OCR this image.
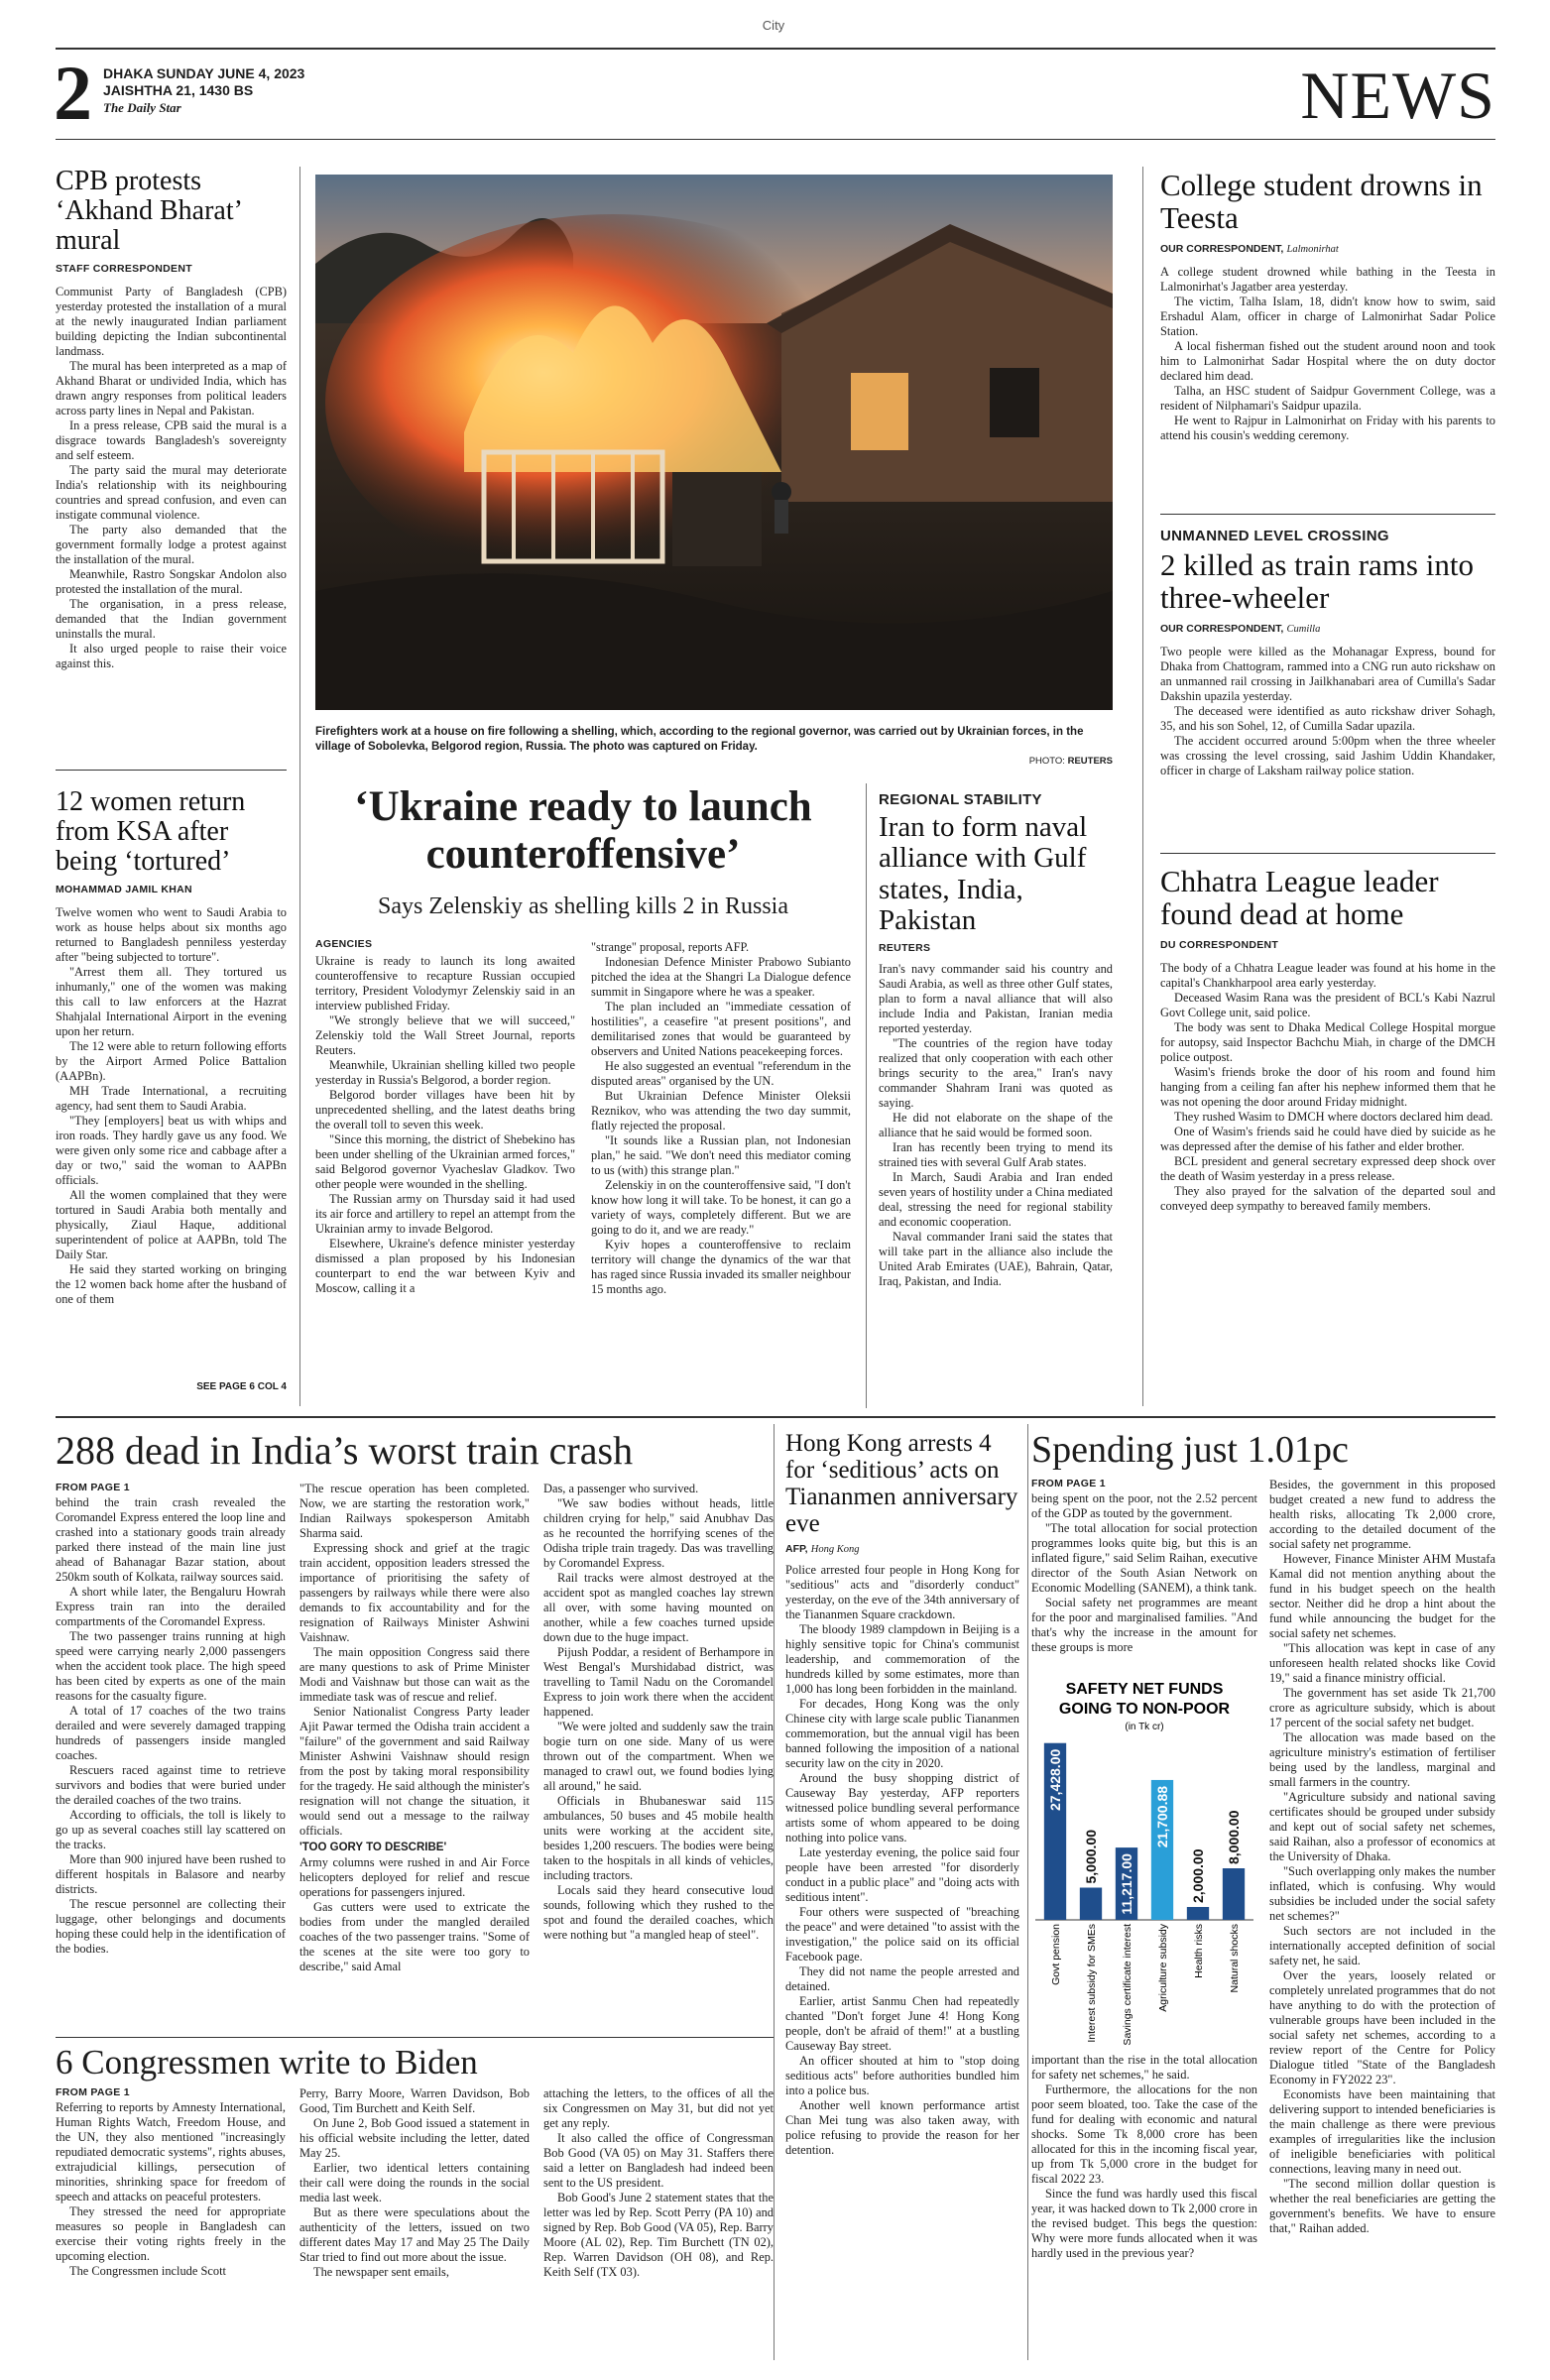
City
2 DHAKA SUNDAY JUNE 4, 2023
JAISHTHA 21, 1430 BS
The Daily Star	NEWS
CPB protests ‘Akhand Bharat’ mural
STAFF CORRESPONDENT

Communist Party of Bangladesh (CPB) yesterday protested the installation of a mural at the newly inaugurated Indian parliament building depicting the Indian subcontinental landmass.

The mural has been interpreted as a map of Akhand Bharat or undivided India, which has drawn angry responses from political leaders across party lines in Nepal and Pakistan.

In a press release, CPB said the mural is a disgrace towards Bangladesh's sovereignty and self esteem.

The party said the mural may deteriorate India's relationship with its neighbouring countries and spread confusion, and even can instigate communal violence.

The party also demanded that the government formally lodge a protest against the installation of the mural.

Meanwhile, Rastro Songskar Andolon also protested the installation of the mural.

The organisation, in a press release, demanded that the Indian government uninstalls the mural.

It also urged people to raise their voice against this.

12 women return from KSA after being ‘tortured’
MOHAMMAD JAMIL KHAN

Twelve women who went to Saudi Arabia to work as house helps about six months ago returned to Bangladesh penniless yesterday after "being subjected to torture".

"Arrest them all. They tortured us inhumanly," one of the women was making this call to law enforcers at the Hazrat Shahjalal International Airport in the evening upon her return.

The 12 were able to return following efforts by the Airport Armed Police Battalion (AAPBn).

MH Trade International, a recruiting agency, had sent them to Saudi Arabia.

"They [employers] beat us with whips and iron roads. They hardly gave us any food. We were given only some rice and cabbage after a day or two," said the woman to AAPBn officials.

All the women complained that they were tortured in Saudi Arabia both mentally and physically, Ziaul Haque, additional superintendent of police at AAPBn, told The Daily Star.

He said they started working on bringing the 12 women back home after the husband of one of them

SEE PAGE 6 COL 4
Firefighters work at a house on fire following a shelling, which, according to the regional governor, was carried out by Ukrainian forces, in the village of Sobolevka, Belgorod region, Russia. The photo was captured on Friday.
PHOTO: REUTERS
‘Ukraine ready to launch counteroffensive’
Says Zelenskiy as shelling kills 2 in Russia
AGENCIES

Ukraine is ready to launch its long awaited counteroffensive to recapture Russian occupied territory, President Volodymyr Zelenskiy said in an interview published Friday.

"We strongly believe that we will succeed," Zelenskiy told the Wall Street Journal, reports Reuters.

Meanwhile, Ukrainian shelling killed two people yesterday in Russia's Belgorod, a border region.

Belgorod border villages have been hit by unprecedented shelling, and the latest deaths bring the overall toll to seven this week.

"Since this morning, the district of Shebekino has been under shelling of the Ukrainian armed forces," said Belgorod governor Vyacheslav Gladkov. Two other people were wounded in the shelling.

The Russian army on Thursday said it had used its air force and artillery to repel an attempt from the Ukrainian army to invade Belgorod.

Elsewhere, Ukraine's defence minister yesterday dismissed a plan proposed by his Indonesian counterpart to end the war between Kyiv and Moscow, calling it a

"strange" proposal, reports AFP.

Indonesian Defence Minister Prabowo Subianto pitched the idea at the Shangri La Dialogue defence summit in Singapore where he was a speaker.

The plan included an "immediate cessation of hostilities", a ceasefire "at present positions", and demilitarised zones that would be guaranteed by observers and United Nations peacekeeping forces.

He also suggested an eventual "referendum in the disputed areas" organised by the UN.

But Ukrainian Defence Minister Oleksii Reznikov, who was attending the two day summit, flatly rejected the proposal.

"It sounds like a Russian plan, not Indonesian plan," he said. "We don't need this mediator coming to us (with) this strange plan."

Zelenskiy in on the counteroffensive said, "I don't know how long it will take. To be honest, it can go a variety of ways, completely different. But we are going to do it, and we are ready."

Kyiv hopes a counteroffensive to reclaim territory will change the dynamics of the war that has raged since Russia invaded its smaller neighbour 15 months ago.

REGIONAL STABILITY
Iran to form naval alliance with Gulf states, India, Pakistan
REUTERS

Iran's navy commander said his country and Saudi Arabia, as well as three other Gulf states, plan to form a naval alliance that will also include India and Pakistan, Iranian media reported yesterday.

"The countries of the region have today realized that only cooperation with each other brings security to the area," Iran's navy commander Shahram Irani was quoted as saying.

He did not elaborate on the shape of the alliance that he said would be formed soon.

Iran has recently been trying to mend its strained ties with several Gulf Arab states.

In March, Saudi Arabia and Iran ended seven years of hostility under a China mediated deal, stressing the need for regional stability and economic cooperation.

Naval commander Irani said the states that will take part in the alliance also include the United Arab Emirates (UAE), Bahrain, Qatar, Iraq, Pakistan, and India.

College student drowns in Teesta
OUR CORRESPONDENT, Lalmonirhat

A college student drowned while bathing in the Teesta in Lalmonirhat's Jagatber area yesterday.

The victim, Talha Islam, 18, didn't know how to swim, said Ershadul Alam, officer in charge of Lalmonirhat Sadar Police Station.

A local fisherman fished out the student around noon and took him to Lalmonirhat Sadar Hospital where the on duty doctor declared him dead.

Talha, an HSC student of Saidpur Government College, was a resident of Nilphamari's Saidpur upazila.

He went to Rajpur in Lalmonirhat on Friday with his parents to attend his cousin's wedding ceremony.

UNMANNED LEVEL CROSSING
2 killed as train rams into three-wheeler
OUR CORRESPONDENT, Cumilla

Two people were killed as the Mohanagar Express, bound for Dhaka from Chattogram, rammed into a CNG run auto rickshaw on an unmanned rail crossing in Jailkhanabari area of Cumilla's Sadar Dakshin upazila yesterday.

The deceased were identified as auto rickshaw driver Sohagh, 35, and his son Sohel, 12, of Cumilla Sadar upazila.

The accident occurred around 5:00pm when the three wheeler was crossing the level crossing, said Jashim Uddin Khandaker, officer in charge of Laksham railway police station.

Chhatra League leader found dead at home
DU CORRESPONDENT

The body of a Chhatra League leader was found at his home in the capital's Chankharpool area early yesterday.

Deceased Wasim Rana was the president of BCL's Kabi Nazrul Govt College unit, said police.

The body was sent to Dhaka Medical College Hospital morgue for autopsy, said Inspector Bachchu Miah, in charge of the DMCH police outpost.

Wasim's friends broke the door of his room and found him hanging from a ceiling fan after his nephew informed them that he was not opening the door around Friday midnight.

They rushed Wasim to DMCH where doctors declared him dead.

One of Wasim's friends said he could have died by suicide as he was depressed after the demise of his father and elder brother.

BCL president and general secretary expressed deep shock over the death of Wasim yesterday in a press release.

They also prayed for the salvation of the departed soul and conveyed deep sympathy to bereaved family members.

288 dead in India’s worst train crash
FROM PAGE 1

behind the train crash revealed the Coromandel Express entered the loop line and crashed into a stationary goods train already parked there instead of the main line just ahead of Bahanagar Bazar station, about 250km south of Kolkata, railway sources said.

A short while later, the Bengaluru Howrah Express train ran into the derailed compartments of the Coromandel Express.

The two passenger trains running at high speed were carrying nearly 2,000 passengers when the accident took place. The high speed has been cited by experts as one of the main reasons for the casualty figure.

A total of 17 coaches of the two trains derailed and were severely damaged trapping hundreds of passengers inside mangled coaches.

Rescuers raced against time to retrieve survivors and bodies that were buried under the derailed coaches of the two trains.

According to officials, the toll is likely to go up as several coaches still lay scattered on the tracks.

More than 900 injured have been rushed to different hospitals in Balasore and nearby districts.

The rescue personnel are collecting their luggage, other belongings and documents hoping these could help in the identification of the bodies.

"The rescue operation has been completed. Now, we are starting the restoration work," Indian Railways spokesperson Amitabh Sharma said.

Expressing shock and grief at the tragic train accident, opposition leaders stressed the importance of prioritising the safety of passengers by railways while there were also demands to fix accountability and for the resignation of Railways Minister Ashwini Vaishnaw.

The main opposition Congress said there are many questions to ask of Prime Minister Modi and Vaishnaw but those can wait as the immediate task was of rescue and relief.

Senior Nationalist Congress Party leader Ajit Pawar termed the Odisha train accident a "failure" of the government and said Railway Minister Ashwini Vaishnaw should resign from the post by taking moral responsibility for the tragedy. He said although the minister's resignation will not change the situation, it would send out a message to the railway officials.

'TOO GORY TO DESCRIBE'

Army columns were rushed in and Air Force helicopters deployed for relief and rescue operations for passengers injured.

Gas cutters were used to extricate the bodies from under the mangled derailed coaches of the two passenger trains. "Some of the scenes at the site were too gory to describe," said Amal

Das, a passenger who survived.

"We saw bodies without heads, little children crying for help," said Anubhav Das as he recounted the horrifying scenes of the Odisha triple train tragedy. Das was travelling by Coromandel Express.

Rail tracks were almost destroyed at the accident spot as mangled coaches lay strewn all over, with some having mounted on another, while a few coaches turned upside down due to the huge impact.

Pijush Poddar, a resident of Berhampore in West Bengal's Murshidabad district, was travelling to Tamil Nadu on the Coromandel Express to join work there when the accident happened.

"We were jolted and suddenly saw the train bogie turn on one side. Many of us were thrown out of the compartment. When we managed to crawl out, we found bodies lying all around," he said.

Officials in Bhubaneswar said 115 ambulances, 50 buses and 45 mobile health units were working at the accident site, besides 1,200 rescuers. The bodies were being taken to the hospitals in all kinds of vehicles, including tractors.

Locals said they heard consecutive loud sounds, following which they rushed to the spot and found the derailed coaches, which were nothing but "a mangled heap of steel".

6 Congressmen write to Biden
FROM PAGE 1

Referring to reports by Amnesty International, Human Rights Watch, Freedom House, and the UN, they also mentioned "increasingly repudiated democratic systems", rights abuses, extrajudicial killings, persecution of minorities, shrinking space for freedom of speech and attacks on peaceful protesters.

They stressed the need for appropriate measures so people in Bangladesh can exercise their voting rights freely in the upcoming election.

The Congressmen include Scott

Perry, Barry Moore, Warren Davidson, Bob Good, Tim Burchett and Keith Self.

On June 2, Bob Good issued a statement in his official website including the letter, dated May 25.

Earlier, two identical letters containing their call were doing the rounds in the social media last week.

But as there were speculations about the authenticity of the letters, issued on two different dates May 17 and May 25 The Daily Star tried to find out more about the issue.

The newspaper sent emails,

attaching the letters, to the offices of all the six Congressmen on May 31, but did not yet get any reply.

It also called the office of Congressman Bob Good (VA 05) on May 31. Staffers there said a letter on Bangladesh had indeed been sent to the US president.

Bob Good's June 2 statement states that the letter was led by Rep. Scott Perry (PA 10) and signed by Rep. Bob Good (VA 05), Rep. Barry Moore (AL 02), Rep. Tim Burchett (TN 02), Rep. Warren Davidson (OH 08), and Rep. Keith Self (TX 03).

Hong Kong arrests 4 for ‘seditious’ acts on Tiananmen anniversary eve
AFP, Hong Kong

Police arrested four people in Hong Kong for "seditious" acts and "disorderly conduct" yesterday, on the eve of the 34th anniversary of the Tiananmen Square crackdown.

The bloody 1989 clampdown in Beijing is a highly sensitive topic for China's communist leadership, and commemoration of the hundreds killed by some estimates, more than 1,000 has long been forbidden in the mainland.

For decades, Hong Kong was the only Chinese city with large scale public Tiananmen commemoration, but the annual vigil has been banned following the imposition of a national security law on the city in 2020.

Around the busy shopping district of Causeway Bay yesterday, AFP reporters witnessed police bundling several performance artists some of whom appeared to be doing nothing into police vans.

Late yesterday evening, the police said four people have been arrested "for disorderly conduct in a public place" and "doing acts with seditious intent".

Four others were suspected of "breaching the peace" and were detained "to assist with the investigation," the police said on its official Facebook page.

They did not name the people arrested and detained.

Earlier, artist Sanmu Chen had repeatedly chanted "Don't forget June 4! Hong Kong people, don't be afraid of them!" at a bustling Causeway Bay street.

An officer shouted at him to "stop doing seditious acts" before authorities bundled him into a police bus.

Another well known performance artist Chan Mei tung was also taken away, with police refusing to provide the reason for her detention.

Spending just 1.01pc
FROM PAGE 1

being spent on the poor, not the 2.52 percent of the GDP as touted by the government.

"The total allocation for social protection programmes looks quite big, but this is an inflated figure," said Selim Raihan, executive director of the South Asian Network on Economic Modelling (SANEM), a think tank.

Social safety net programmes are meant for the poor and marginalised families. "And that's why the increase in the amount for these groups is more

SAFETY NET FUNDS
GOING TO NON-POOR
(in Tk cr)
27,428.00
Govt pension
5,000.00
Interest subsidy for SMEs
11,217.00
Savings certificate interest
21,700.88
Agriculture subsidy
2,000.00
Health risks
8,000.00
Natural shocks

important than the rise in the total allocation for safety net schemes," he said.

Furthermore, the allocations for the non poor seem bloated, too. Take the case of the fund for dealing with economic and natural shocks. Some Tk 8,000 crore has been allocated for this in the incoming fiscal year, up from Tk 5,000 crore in the budget for fiscal 2022 23.

Since the fund was hardly used this fiscal year, it was hacked down to Tk 2,000 crore in the revised budget. This begs the question: Why were more funds allocated when it was hardly used in the previous year?

Besides, the government in this proposed budget created a new fund to address the health risks, allocating Tk 2,000 crore, according to the detailed document of the social safety net programme.

However, Finance Minister AHM Mustafa Kamal did not mention anything about the fund in his budget speech on the health sector. Neither did he drop a hint about the fund while announcing the budget for the social safety net schemes.

"This allocation was kept in case of any unforeseen health related shocks like Covid 19," said a finance ministry official.

The government has set aside Tk 21,700 crore as agriculture subsidy, which is about 17 percent of the social safety net budget.

The allocation was made based on the agriculture ministry's estimation of fertiliser being used by the landless, marginal and small farmers in the country.

"Agriculture subsidy and national saving certificates should be grouped under subsidy and kept out of social safety net schemes, said Raihan, also a professor of economics at the University of Dhaka.

"Such overlapping only makes the number inflated, which is confusing. Why would subsidies be included under the social safety net schemes?"

Such sectors are not included in the internationally accepted definition of social safety net, he said.

Over the years, loosely related or completely unrelated programmes that do not have anything to do with the protection of vulnerable groups have been included in the social safety net schemes, according to a review report of the Centre for Policy Dialogue titled "State of the Bangladesh Economy in FY2022 23".

Economists have been maintaining that delivering support to intended beneficiaries is the main challenge as there were previous examples of irregularities like the inclusion of ineligible beneficiaries with political connections, leaving many in need out.

"The second million dollar question is whether the real beneficiaries are getting the government's benefits. We have to ensure that," Raihan added.
